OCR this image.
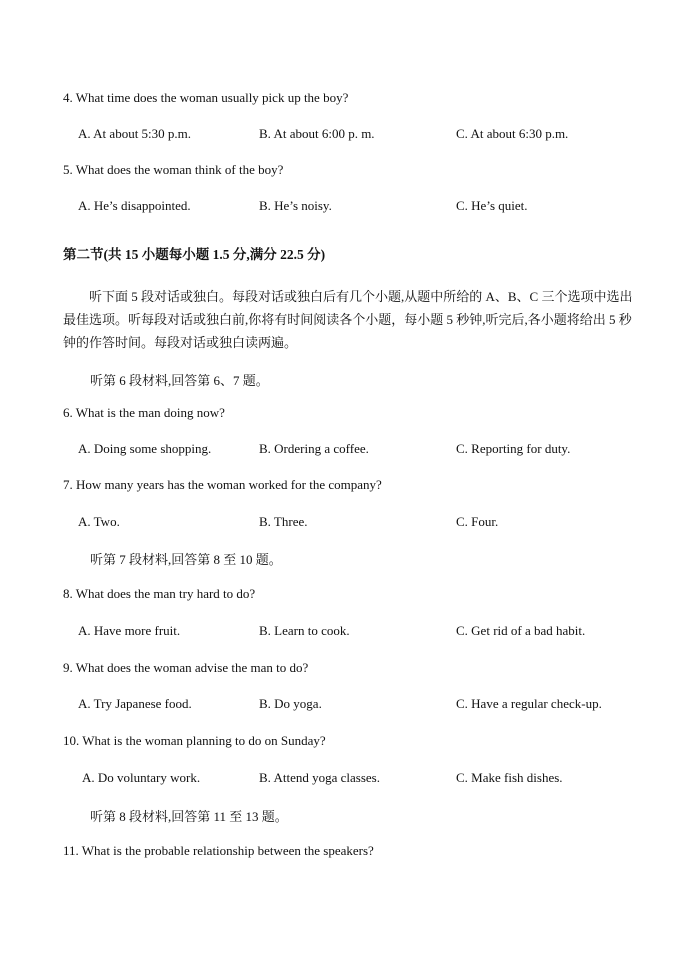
4. What time does the woman usually pick up the boy?
A. At about 5:30 p.m.	B. At about 6:00 p. m.	C. At about 6:30 p.m.
5. What does the woman think of the boy?
A. He’s disappointed.	B. He’s noisy.	C. He’s quiet.
第二节(共 15 小题每小题 1.5 分,满分 22.5 分)
听下面 5 段对话或独白。每段对话或独白后有几个小题,从题中所给的 A、B、C 三个选项中选出最佳选项。听每段对话或独白前,你将有时间阅读各个小题，每小题 5 秒钟,听完后,各小题将给出 5 秒钟的作答时间。每段对话或独白读两遍。
听第 6 段材料,回答第 6、7 题。
6. What is the man doing now?
A. Doing some shopping.	B. Ordering a coffee.	C. Reporting for duty.
7. How many years has the woman worked for the company?
A. Two.	B. Three.	C. Four.
听第 7 段材料,回答第 8 至 10 题。
8. What does the man try hard to do?
A. Have more fruit.	B. Learn to cook.	C. Get rid of a bad habit.
9. What does the woman advise the man to do?
A. Try Japanese food.	B. Do yoga.	C. Have a regular check-up.
10. What is the woman planning to do on Sunday?
A. Do voluntary work.	B. Attend yoga classes.	C. Make fish dishes.
听第 8 段材料,回答第 11 至 13 题。
11. What is the probable relationship between the speakers?
